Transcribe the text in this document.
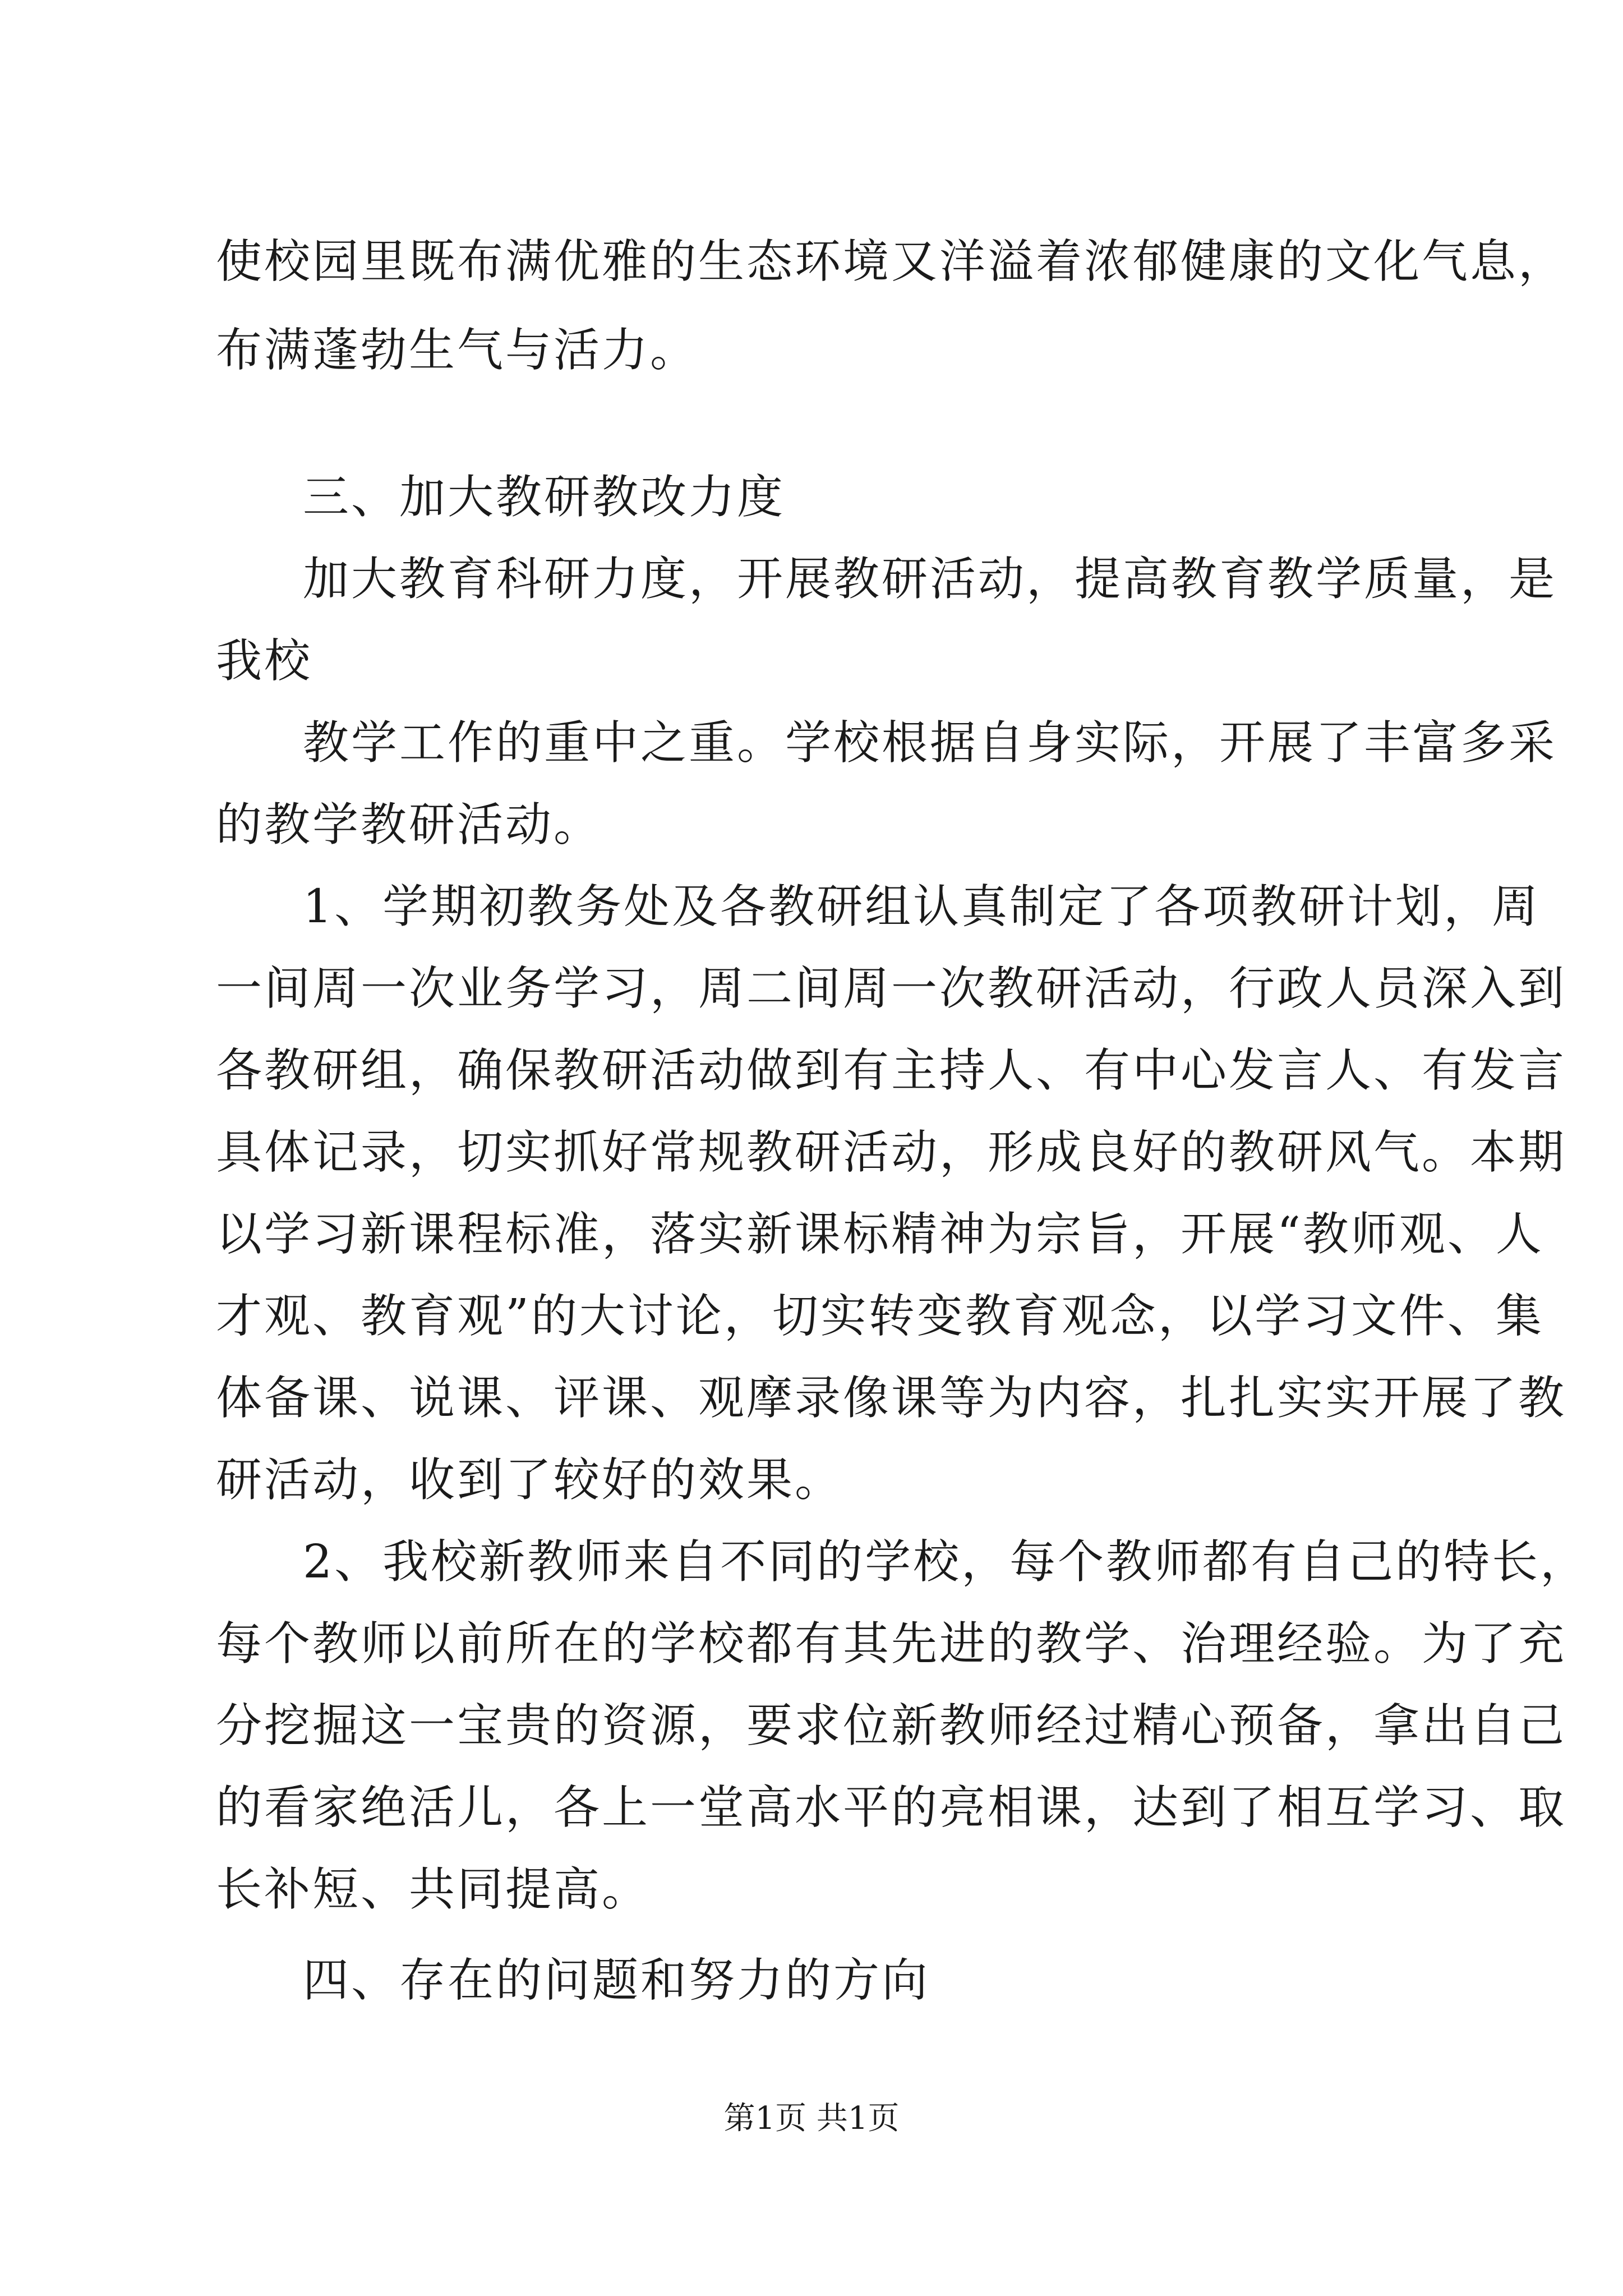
使校园里既布满优雅的生态环境又洋溢着浓郁健康的文化气息，
布满蓬勃生气与活力。
三、加大教研教改力度
加大教育科研力度，开展教研活动，提高教育教学质量，是
我校
教学工作的重中之重。学校根据自身实际，开展了丰富多采
的教学教研活动。
1、学期初教务处及各教研组认真制定了各项教研计划，周
一间周一次业务学习，周二间周一次教研活动，行政人员深入到
各教研组，确保教研活动做到有主持人、有中心发言人、有发言
具体记录，切实抓好常规教研活动，形成良好的教研风气。本期
以学习新课程标准，落实新课标精神为宗旨，开展“教师观、人
才观、教育观”的大讨论，切实转变教育观念，以学习文件、集
体备课、说课、评课、观摩录像课等为内容，扎扎实实开展了教
研活动，收到了较好的效果。
2、我校新教师来自不同的学校，每个教师都有自己的特长，
每个教师以前所在的学校都有其先进的教学、治理经验。为了充
分挖掘这一宝贵的资源，要求位新教师经过精心预备，拿出自己
的看家绝活儿，各上一堂高水平的亮相课，达到了相互学习、取
长补短、共同提高。
四、存在的问题和努力的方向
第1页 共1页
